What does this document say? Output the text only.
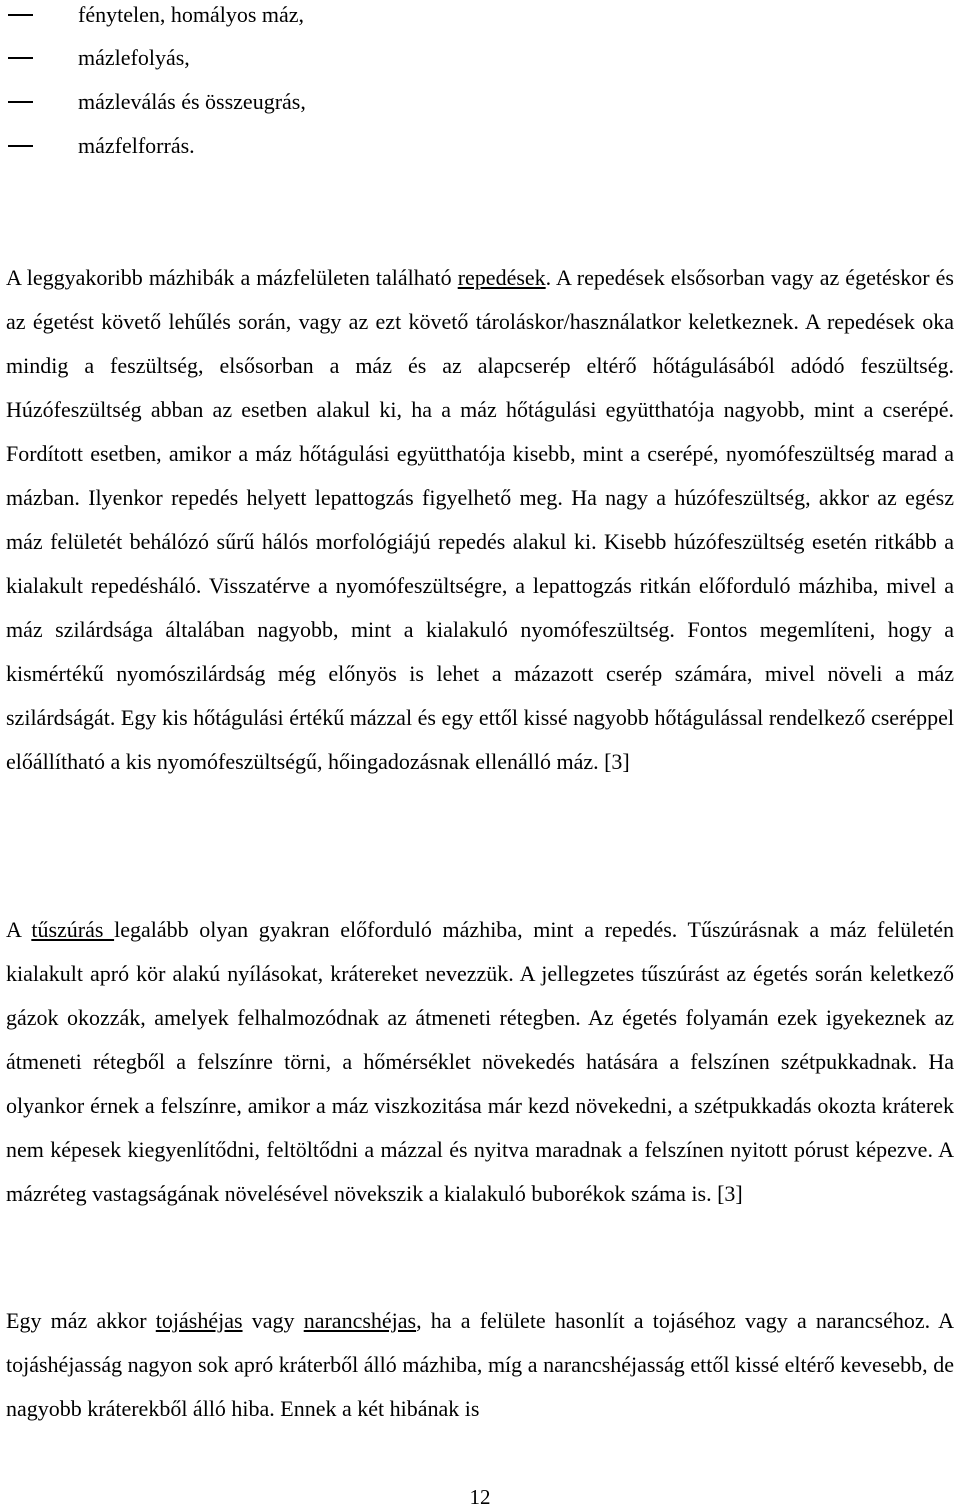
fénytelen, homályos máz,
mázlefolyás,
mázleválás és összeugrás,
mázfelforrás.

A leggyakoribb mázhibák a mázfelületen található repedések. A repedések elsősorban vagy az égetéskor és az égetést követő lehűlés során, vagy az ezt követő tároláskor/használatkor keletkeznek. A repedések oka mindig a feszültség, elsősorban a máz és az alapcserép eltérő hőtágulásából adódó feszültség. Húzófeszültség abban az esetben alakul ki, ha a máz hőtágulási együtthatója nagyobb, mint a cserépé. Fordított esetben, amikor a máz hőtágulási együtthatója kisebb, mint a cserépé, nyomófeszültség marad a mázban. Ilyenkor repedés helyett lepattogzás figyelhető meg. Ha nagy a húzófeszültség, akkor az egész máz felületét behálózó sűrű hálós morfológiájú repedés alakul ki. Kisebb húzófeszültség esetén ritkább a kialakult repedésháló. Visszatérve a nyomófeszültségre, a lepattogzás ritkán előforduló mázhiba, mivel a máz szilárdsága általában nagyobb, mint a kialakuló nyomófeszültség. Fontos megemlíteni, hogy a kismértékű nyomószilárdság még előnyös is lehet a mázazott cserép számára, mivel növeli a máz szilárdságát. Egy kis hőtágulási értékű mázzal és egy ettől kissé nagyobb hőtágulással rendelkező cseréppel előállítható a kis nyomófeszültségű, hőingadozásnak ellenálló máz. [3]

A tűszúrás legalább olyan gyakran előforduló mázhiba, mint a repedés. Tűszúrásnak a máz felületén kialakult apró kör alakú nyílásokat, krátereket nevezzük. A jellegzetes tűszúrást az égetés során keletkező gázok okozzák, amelyek felhalmozódnak az átmeneti rétegben. Az égetés folyamán ezek igyekeznek az átmeneti rétegből a felszínre törni, a hőmérséklet növekedés hatására a felszínen szétpukkadnak. Ha olyankor érnek a felszínre, amikor a máz viszkozitása már kezd növekedni, a szétpukkadás okozta kráterek nem képesek kiegyenlítődni, feltöltődni a mázzal és nyitva maradnak a felszínen nyitott pórust képezve. A mázréteg vastagságának növelésével növekszik a kialakuló buborékok száma is. [3]

Egy máz akkor tojáshéjas vagy narancshéjas, ha a felülete hasonlít a tojáséhoz vagy a narancséhoz. A tojáshéjasság nagyon sok apró kráterből álló mázhiba, míg a narancshéjasság ettől kissé eltérő kevesebb, de nagyobb kráterekből álló hiba. Ennek a két hibának is

12
